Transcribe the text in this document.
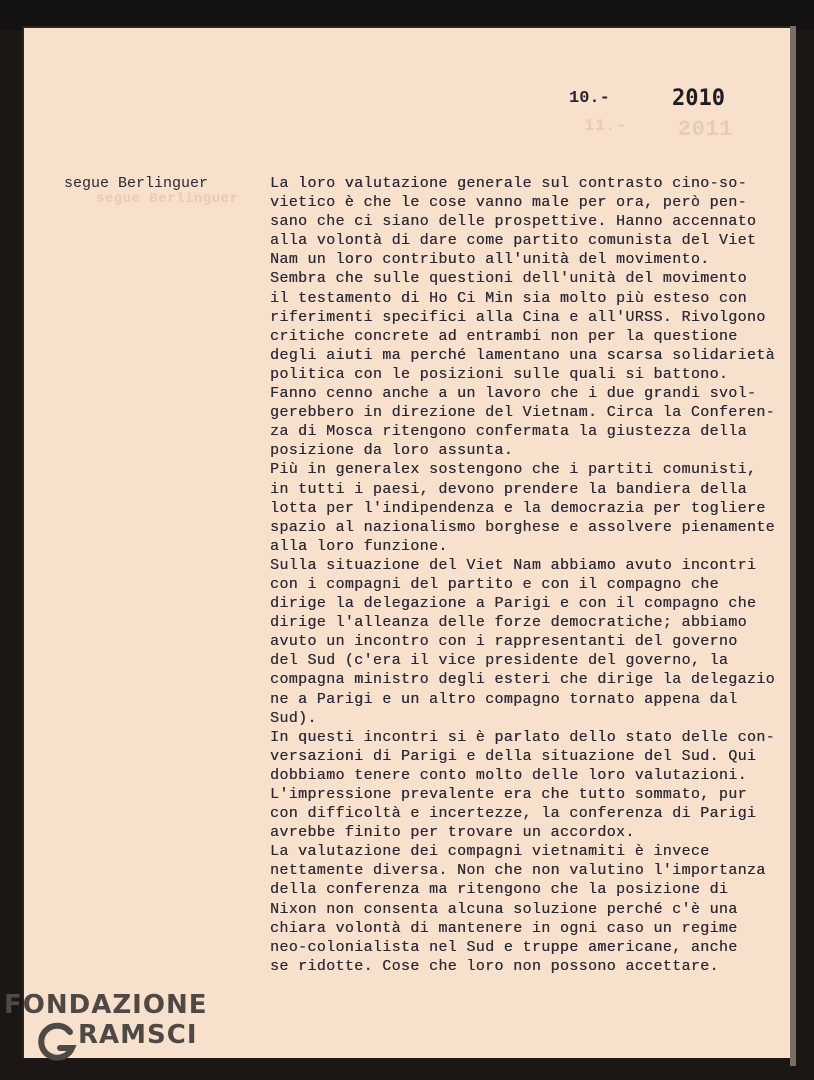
11.- 2011
segue Berlinguer
10.-	2010
segue Berlinguer	La loro valutazione generale sul contrasto cino-so-
vietico è che le cose vanno male per ora, però pen-
sano che ci siano delle prospettive. Hanno accennato
alla volontà di dare come partito comunista del Viet
Nam un loro contributo all'unità del movimento.
Sembra che sulle questioni dell'unità del movimento
il testamento di Ho Ci Min sia molto più esteso con
riferimenti specifici alla Cina e all'URSS. Rivolgono
critiche concrete ad entrambi non per la questione
degli aiuti ma perché lamentano una scarsa solidarietà
politica con le posizioni sulle quali si battono.
Fanno cenno anche a un lavoro che i due grandi svol-
gerebbero in direzione del Vietnam. Circa la Conferen-
za di Mosca ritengono confermata la giustezza della
posizione da loro assunta.
Più in generalex sostengono che i partiti comunisti,
in tutti i paesi, devono prendere la bandiera della
lotta per l'indipendenza e la democrazia per togliere
spazio al nazionalismo borghese e assolvere pienamente
alla loro funzione.
Sulla situazione del Viet Nam abbiamo avuto incontri
con i compagni del partito e con il compagno che
dirige la delegazione a Parigi e con il compagno che
dirige l'alleanza delle forze democratiche; abbiamo
avuto un incontro con i rappresentanti del governo
del Sud (c'era il vice presidente del governo, la
compagna ministro degli esteri che dirige la delegazio
ne a Parigi e un altro compagno tornato appena dal
Sud).
In questi incontri si è parlato dello stato delle con-
versazioni di Parigi e della situazione del Sud. Qui
dobbiamo tenere conto molto delle loro valutazioni.
L'impressione prevalente era che tutto sommato, pur
con difficoltà e incertezze, la conferenza di Parigi
avrebbe finito per trovare un accordox.
La valutazione dei compagni vietnamiti è invece
nettamente diversa. Non che non valutino l'importanza
della conferenza ma ritengono che la posizione di
Nixon non consenta alcuna soluzione perché c'è una
chiara volontà di mantenere in ogni caso un regime
neo-colonialista nel Sud e truppe americane, anche
se ridotte. Cose che loro non possono accettare.
FONDAZIONE
RAMSCI
